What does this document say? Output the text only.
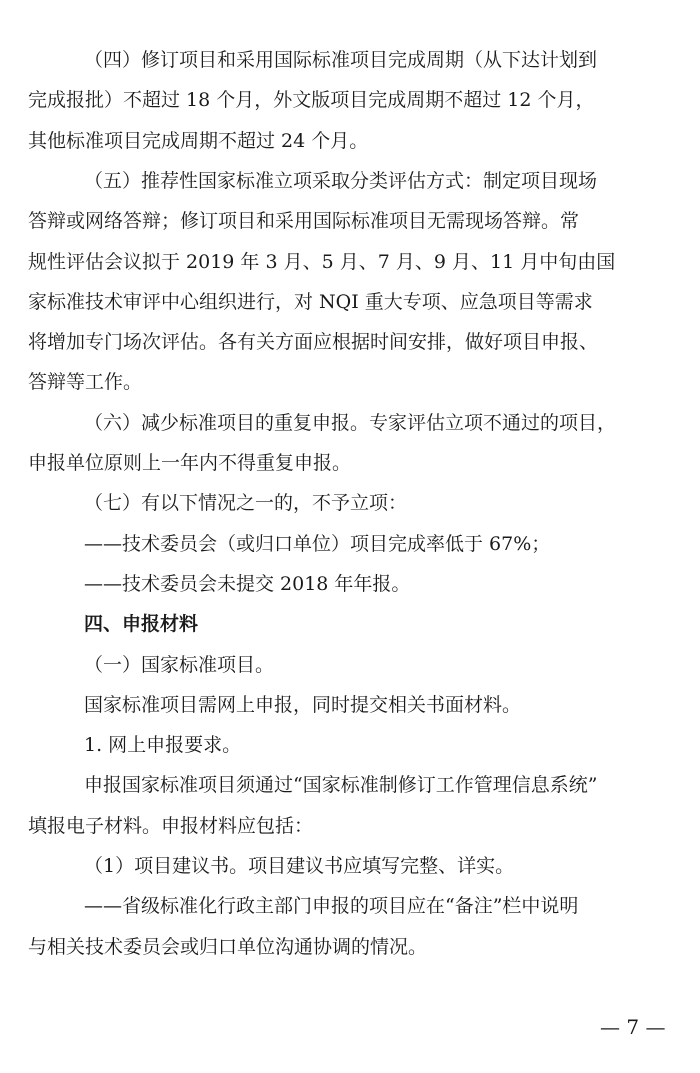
（四）修订项目和采用国际标准项目完成周期（从下达计划到
完成报批）不超过 18 个月，外文版项目完成周期不超过 12 个月，
其他标准项目完成周期不超过 24 个月。
（五）推荐性国家标准立项采取分类评估方式：制定项目现场
答辩或网络答辩；修订项目和采用国际标准项目无需现场答辩。常
规性评估会议拟于 2019 年 3 月、5 月、7 月、9 月、11 月中旬由国
家标准技术审评中心组织进行，对 NQI 重大专项、应急项目等需求
将增加专门场次评估。各有关方面应根据时间安排，做好项目申报、
答辩等工作。
（六）减少标准项目的重复申报。专家评估立项不通过的项目，
申报单位原则上一年内不得重复申报。
（七）有以下情况之一的，不予立项：
——技术委员会（或归口单位）项目完成率低于 67%；
——技术委员会未提交 2018 年年报。
四、申报材料
（一）国家标准项目。
国家标准项目需网上申报，同时提交相关书面材料。
1. 网上申报要求。
申报国家标准项目须通过“国家标准制修订工作管理信息系统”
填报电子材料。申报材料应包括：
（1）项目建议书。项目建议书应填写完整、详实。
——省级标准化行政主部门申报的项目应在“备注”栏中说明
与相关技术委员会或归口单位沟通协调的情况。
— 7 —
